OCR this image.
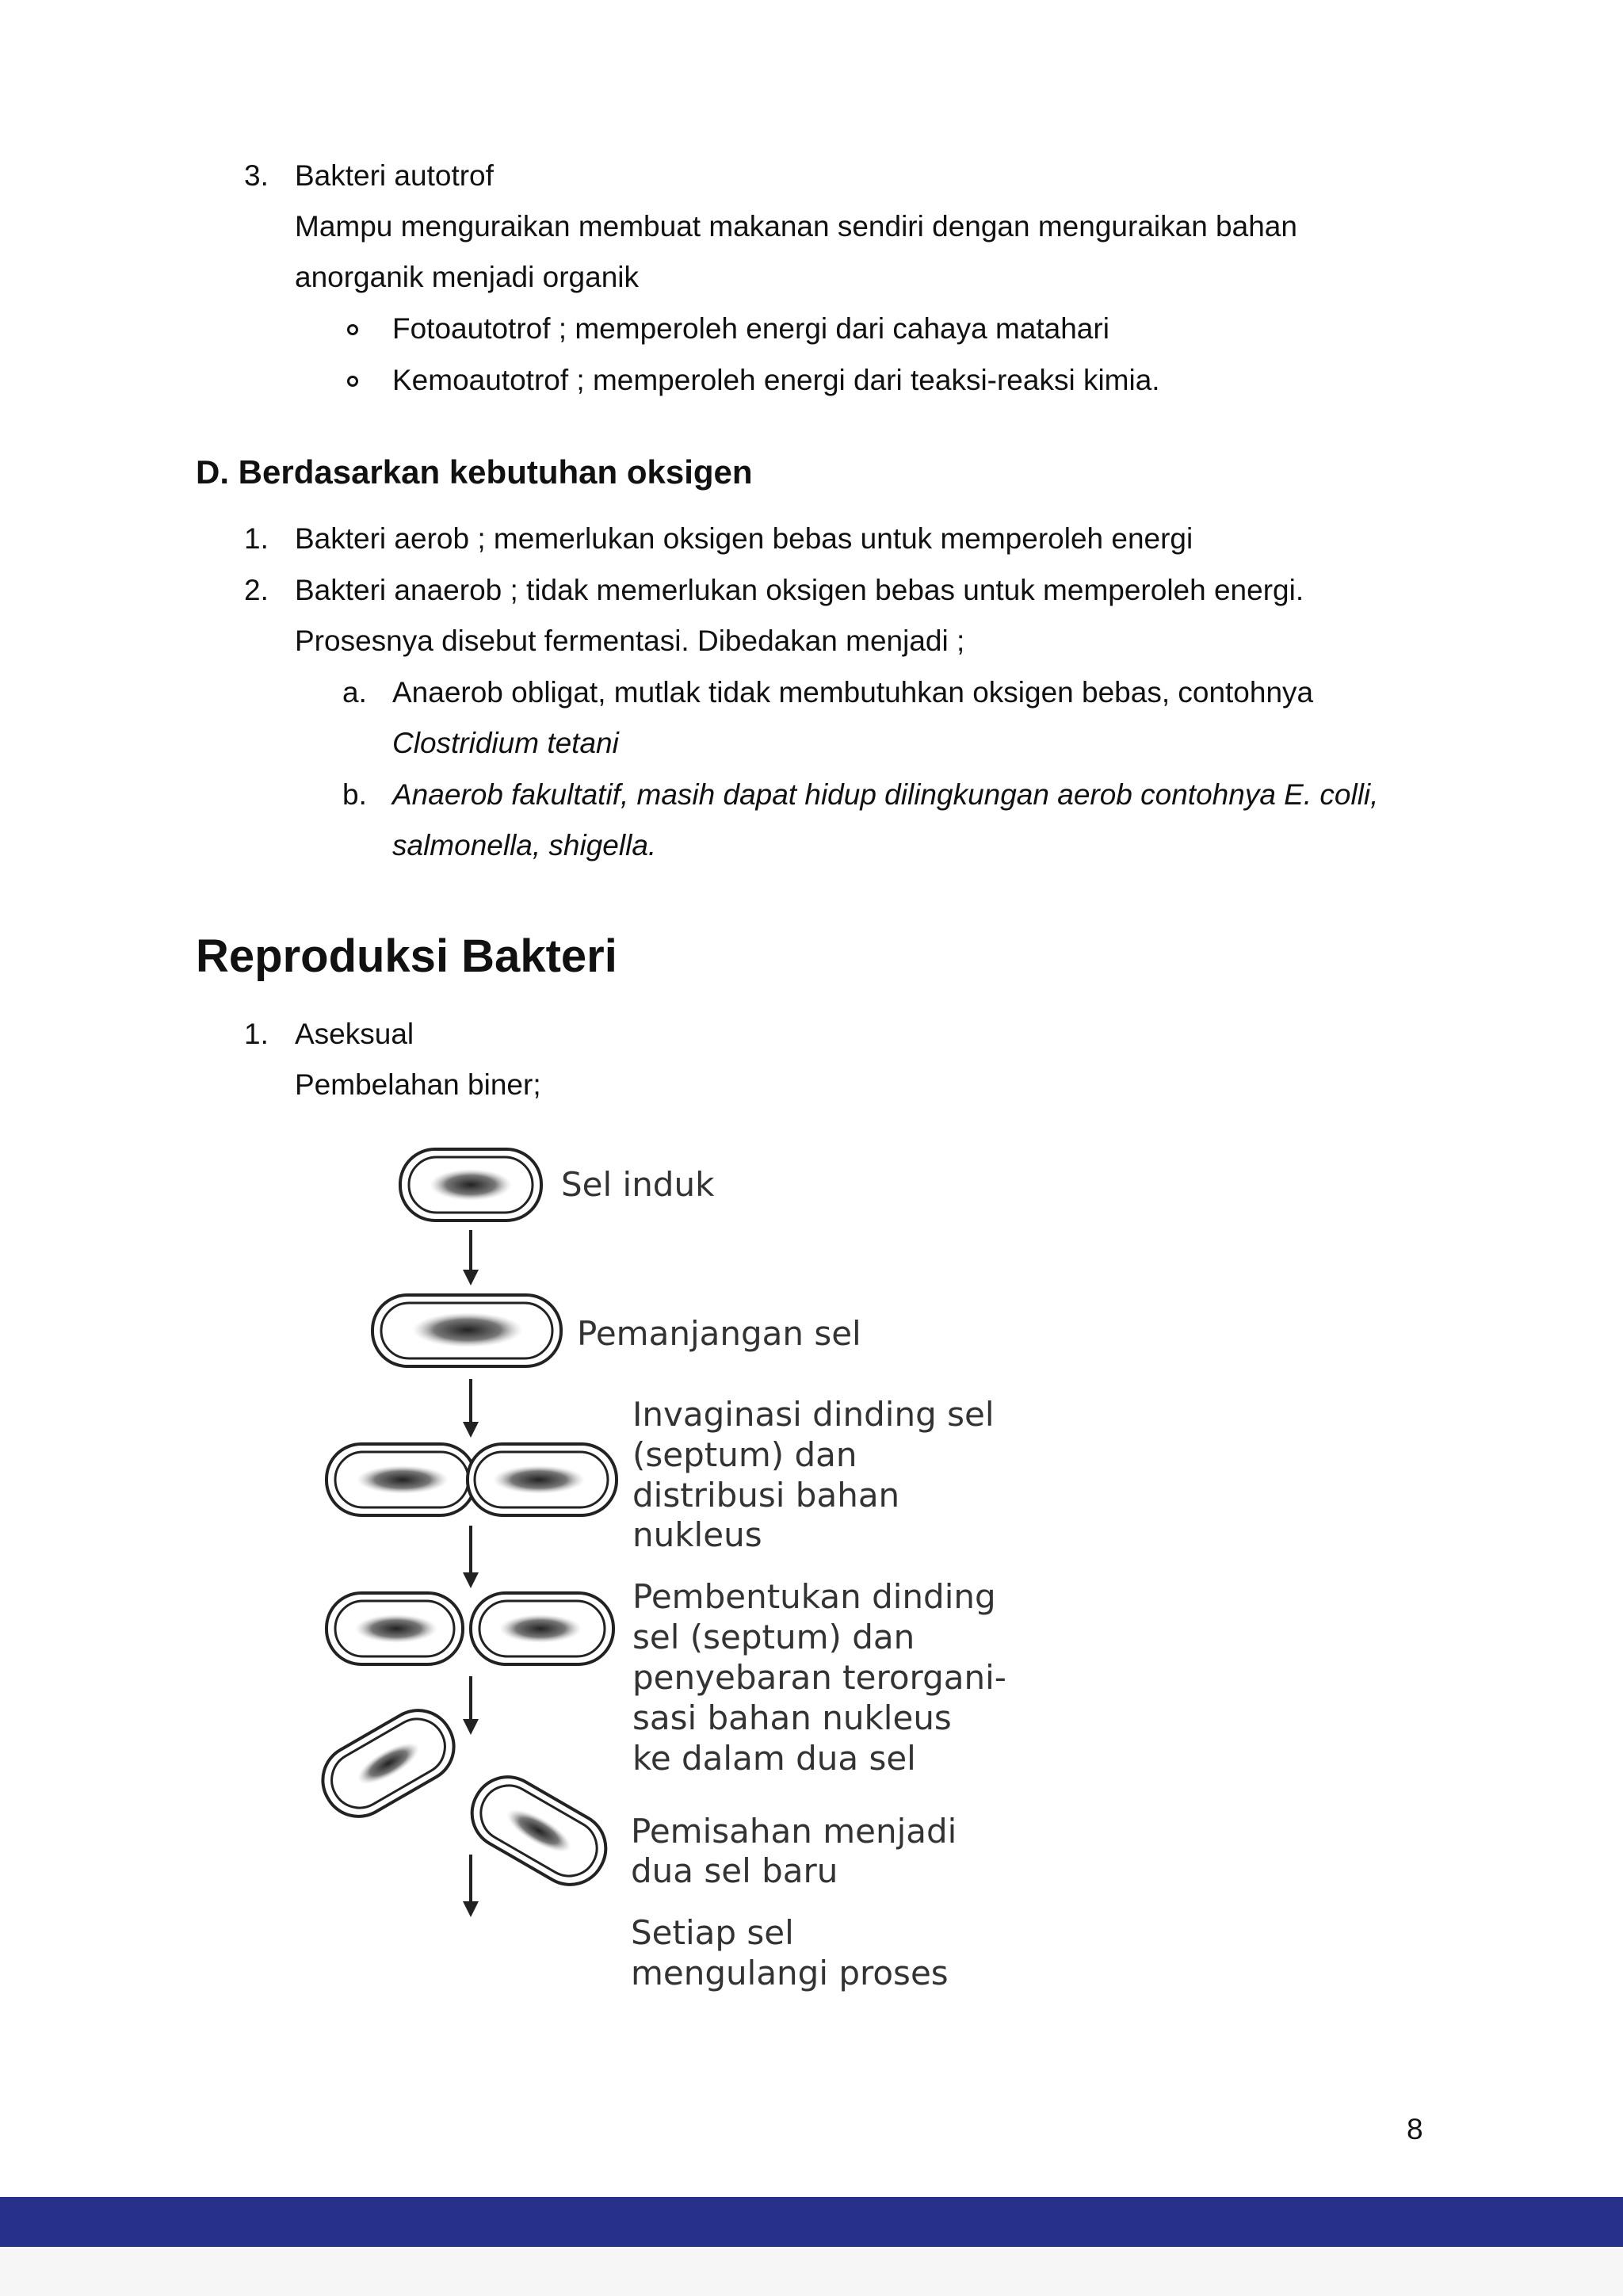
3. Bakteri autotrof
Mampu menguraikan membuat makanan sendiri dengan menguraikan bahan
anorganik menjadi organik
Fotoautotrof ; memperoleh energi dari cahaya matahari
Kemoautotrof ; memperoleh energi dari teaksi-reaksi kimia.
D. Berdasarkan kebutuhan oksigen
1. Bakteri aerob ; memerlukan oksigen bebas untuk memperoleh energi
2. Bakteri anaerob ; tidak memerlukan oksigen bebas untuk memperoleh energi.
Prosesnya disebut fermentasi. Dibedakan menjadi ;
a. Anaerob obligat, mutlak tidak membutuhkan oksigen bebas, contohnya
Clostridium tetani
b. Anaerob fakultatif, masih dapat hidup dilingkungan aerob contohnya E. colli,
salmonella, shigella.
Reproduksi Bakteri
1. Aseksual
Pembelahan biner;
Sel induk
Pemanjangan sel
Invaginasi dinding sel
(septum) dan
distribusi bahan
nukleus
Pembentukan dinding
sel (septum) dan
penyebaran terorgani-
sasi bahan nukleus
ke dalam dua sel
Pemisahan menjadi
dua sel baru
Setiap sel
mengulangi proses
8
